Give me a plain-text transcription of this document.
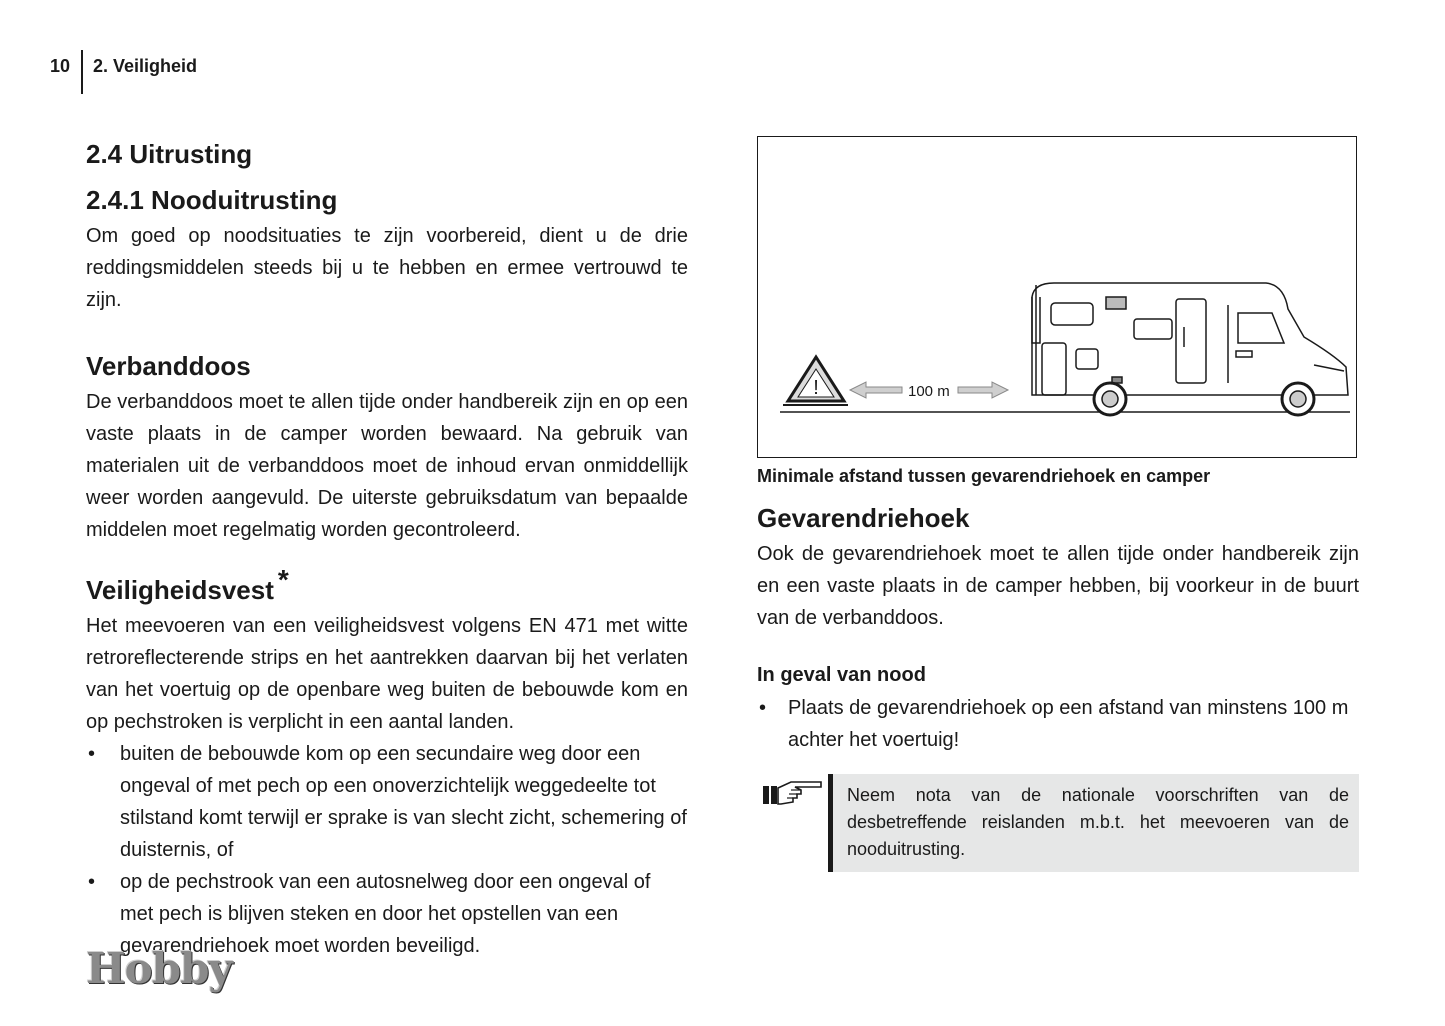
10 2. Veiligheid
2.4 Uitrusting
2.4.1 Nooduitrusting

Om goed op noodsituaties te zijn voorbereid, dient u de drie reddingsmiddelen steeds bij u te hebben en ermee vertrouwd te zijn.

Verbanddoos

De verbanddoos moet te allen tijde onder handbereik zijn en op een vaste plaats in de camper worden bewaard. Na gebruik van materialen uit de verbanddoos moet de inhoud ervan onmiddellijk weer worden aangevuld. De uiterste gebruiksdatum van bepaalde middelen moet regelmatig worden gecontroleerd.

Veiligheidsvest *

Het meevoeren van een veiligheidsvest volgens EN 471 met witte retroreflecterende strips en het aantrekken daarvan bij het verlaten van het voertuig op de openbare weg buiten de bebouwde kom en op pechstroken is verplicht in een aantal landen.

• buiten de bebouwde kom op een secundaire weg door een ongeval of met pech op een onoverzichtelijk weggedeelte tot stilstand komt terwijl er sprake is van slecht zicht, schemering of duisternis, of
• op de pechstrook van een autosnelweg door een ongeval of met pech is blijven steken en door het opstellen van een gevarendriehoek moet worden beveiligd.
!	100 m
Minimale afstand tussen gevarendriehoek en camper
Gevarendriehoek

Ook de gevarendriehoek moet te allen tijde onder handbereik zijn en een vaste plaats in de camper hebben, bij voorkeur in de buurt van de verbanddoos.

In geval van nood
• Plaats de gevarendriehoek op een afstand van minstens 100 m achter het voertuig!
Neem nota van de nationale voorschriften van de desbetreffende reislanden m.b.t. het meevoeren van de nooduitrusting.
Hobby
